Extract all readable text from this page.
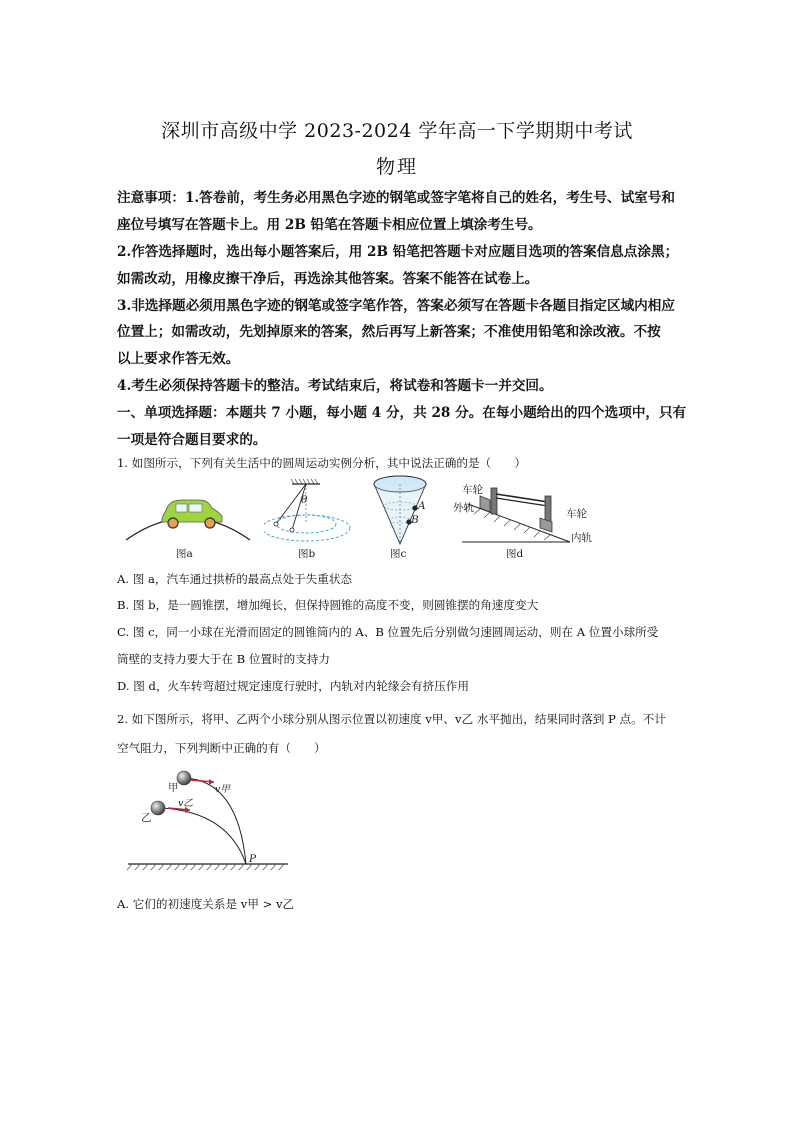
深圳市高级中学 2023-2024 学年高一下学期期中考试
物理
注意事项：1.答卷前，考生务必用黑色字迹的钢笔或签字笔将自己的姓名，考生号、试室号和
座位号填写在答题卡上。用 2B 铅笔在答题卡相应位置上填涂考生号。
2.作答选择题时，选出每小题答案后，用 2B 铅笔把答题卡对应题目选项的答案信息点涂黑；
如需改动，用橡皮擦干净后，再选涂其他答案。答案不能答在试卷上。
3.非选择题必须用黑色字迹的钢笔或签字笔作答，答案必须写在答题卡各题目指定区域内相应
位置上；如需改动，先划掉原来的答案，然后再写上新答案；不准使用铅笔和涂改液。不按
以上要求作答无效。
4.考生必须保持答题卡的整洁。考试结束后，将试卷和答题卡一并交回。
一、单项选择题：本题共 7 小题，每小题 4 分，共 28 分。在每小题给出的四个选项中，只有
一项是符合题目要求的。
1. 如图所示，下列有关生活中的圆周运动实例分析，其中说法正确的是（　　）
图a
θ
图b
A
B
图c
车轮
外轨	车轮
内轨
图d
A. 图 a，汽车通过拱桥的最高点处于失重状态
B. 图 b，是一圆锥摆，增加绳长，但保持圆锥的高度不变，则圆锥摆的角速度变大
C. 图 c，同一小球在光滑而固定的圆锥筒内的 A、B 位置先后分别做匀速圆周运动，则在 A 位置小球所受
筒壁的支持力要大于在 B 位置时的支持力
D. 图 d，火车转弯超过规定速度行驶时，内轨对内轮缘会有挤压作用
2. 如下图所示，将甲、乙两个小球分别从图示位置以初速度 v甲、v乙 水平抛出，结果同时落到 P 点。不计
空气阻力，下列判断中正确的有（　　）
甲
乙
v甲
v乙
P
A. 它们的初速度关系是 v甲 > v乙
